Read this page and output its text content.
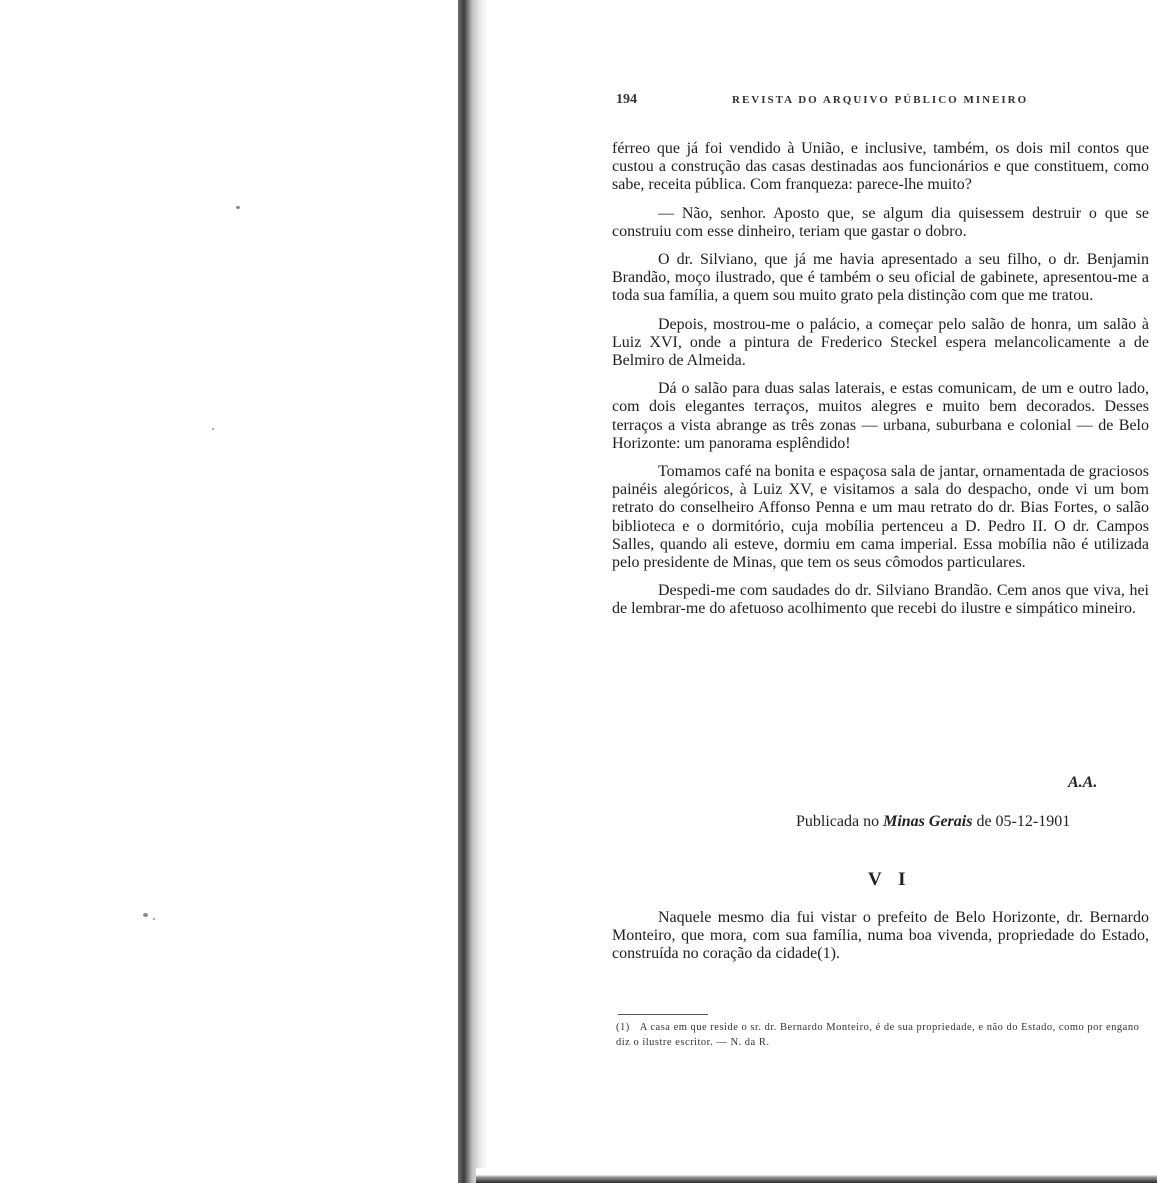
194	REVISTA DO ARQUIVO PÚBLICO MINEIRO

férreo que já foi vendido à União, e inclusive, também, os dois mil contos que custou a construção das casas destinadas aos funcionários e que constituem, como sabe, receita pública. Com franqueza: parece-lhe muito?

— Não, senhor. Aposto que, se algum dia quisessem destruir o que se construiu com esse dinheiro, teriam que gastar o dobro.

O dr. Silviano, que já me havia apresentado a seu filho, o dr. Benjamin Brandão, moço ilustrado, que é também o seu oficial de gabinete, apresentou-me a toda sua família, a quem sou muito grato pela distinção com que me tratou.

Depois, mostrou-me o palácio, a começar pelo salão de honra, um salão à Luiz XVI, onde a pintura de Frederico Steckel espera melancolicamente a de Belmiro de Almeida.

Dá o salão para duas salas laterais, e estas comunicam, de um e outro lado, com dois elegantes terraços, muitos alegres e muito bem decorados. Desses terraços a vista abrange as três zonas — urbana, suburbana e colonial — de Belo Horizonte: um panorama esplêndido!

Tomamos café na bonita e espaçosa sala de jantar, ornamentada de graciosos painéis alegóricos, à Luiz XV, e visitamos a sala do despacho, onde vi um bom retrato do conselheiro Affonso Penna e um mau retrato do dr. Bias Fortes, o salão biblioteca e o dormitório, cuja mobília pertenceu a D. Pedro II. O dr. Campos Salles, quando ali esteve, dormiu em cama imperial. Essa mobília não é utilizada pelo presidente de Minas, que tem os seus cômodos particulares.

Despedi-me com saudades do dr. Silviano Brandão. Cem anos que viva, hei de lembrar-me do afetuoso acolhimento que recebi do ilustre e simpático mineiro.

A.A.
Publicada no Minas Gerais de 05-12-1901
V I

Naquele mesmo dia fui vistar o prefeito de Belo Horizonte, dr. Bernardo Monteiro, que mora, com sua família, numa boa vivenda, propriedade do Estado, construída no coração da cidade(1).

(1) A casa em que reside o sr. dr. Bernardo Monteiro, é de sua propriedade, e não do Estado, como por engano diz o ilustre escritor. — N. da R.
